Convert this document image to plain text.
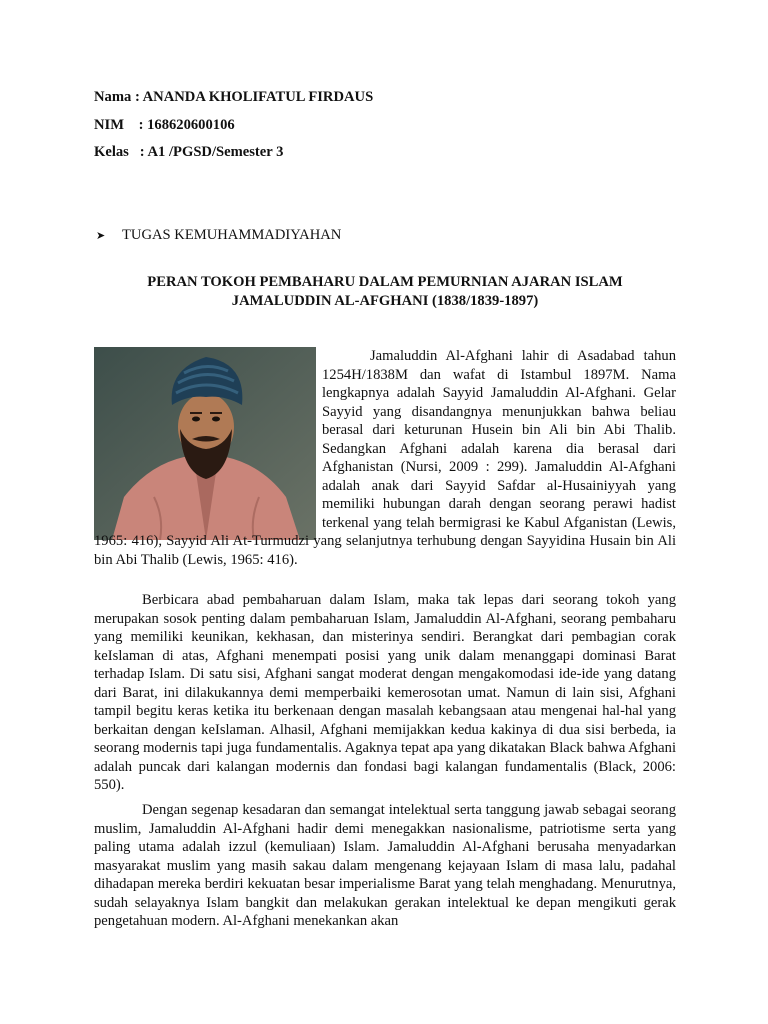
Nama : ANANDA KHOLIFATUL FIRDAUS
NIM    : 168620600106
Kelas   : A1 /PGSD/Semester 3
➤ TUGAS KEMUHAMMADIYAHAN
PERAN TOKOH PEMBAHARU DALAM PEMURNIAN AJARAN ISLAM
JAMALUDDIN AL-AFGHANI (1838/1839-1897)

Jamaluddin Al-Afghani lahir di Asadabad tahun 1254H/1838M dan wafat di Istambul 1897M. Nama lengkapnya adalah Sayyid Jamaluddin Al-Afghani. Gelar Sayyid yang disandangnya menunjukkan bahwa beliau berasal dari keturunan Husein bin Ali bin Abi Thalib. Sedangkan Afghani adalah karena dia berasal dari Afghanistan (Nursi, 2009 : 299). Jamaluddin Al-Afghani adalah anak dari Sayyid Safdar al-Husainiyyah yang memiliki hubungan darah dengan seorang perawi hadist terkenal yang telah bermigrasi ke Kabul Afganistan (Lewis, 1965: 416), Sayyid Ali At-Turmudzi yang selanjutnya terhubung dengan Sayyidina Husain bin Ali bin Abi Thalib (Lewis, 1965: 416).

Berbicara abad pembaharuan dalam Islam, maka tak lepas dari seorang tokoh yang merupakan sosok penting dalam pembaharuan Islam, Jamaluddin Al-Afghani, seorang pembaharu yang memiliki keunikan, kekhasan, dan misterinya sendiri. Berangkat dari pembagian corak keIslaman di atas, Afghani menempati posisi yang unik dalam menanggapi dominasi Barat terhadap Islam. Di satu sisi, Afghani sangat moderat dengan mengakomodasi ide-ide yang datang dari Barat, ini dilakukannya demi memperbaiki kemerosotan umat. Namun di lain sisi, Afghani tampil begitu keras ketika itu berkenaan dengan masalah kebangsaan atau mengenai hal-hal yang berkaitan dengan keIslaman. Alhasil, Afghani memijakkan kedua kakinya di dua sisi berbeda, ia seorang modernis tapi juga fundamentalis. Agaknya tepat apa yang dikatakan Black bahwa Afghani adalah puncak dari kalangan modernis dan fondasi bagi kalangan fundamentalis (Black, 2006: 550).

Dengan segenap kesadaran dan semangat intelektual serta tanggung jawab sebagai seorang muslim, Jamaluddin Al-Afghani hadir demi menegakkan nasionalisme, patriotisme serta yang paling utama adalah izzul (kemuliaan) Islam. Jamaluddin Al-Afghani berusaha menyadarkan masyarakat muslim yang masih sakau dalam mengenang kejayaan Islam di masa lalu, padahal dihadapan mereka berdiri kekuatan besar imperialisme Barat yang telah menghadang. Menurutnya, sudah selayaknya Islam bangkit dan melakukan gerakan intelektual ke depan mengikuti gerak pengetahuan modern. Al-Afghani menekankan akan
